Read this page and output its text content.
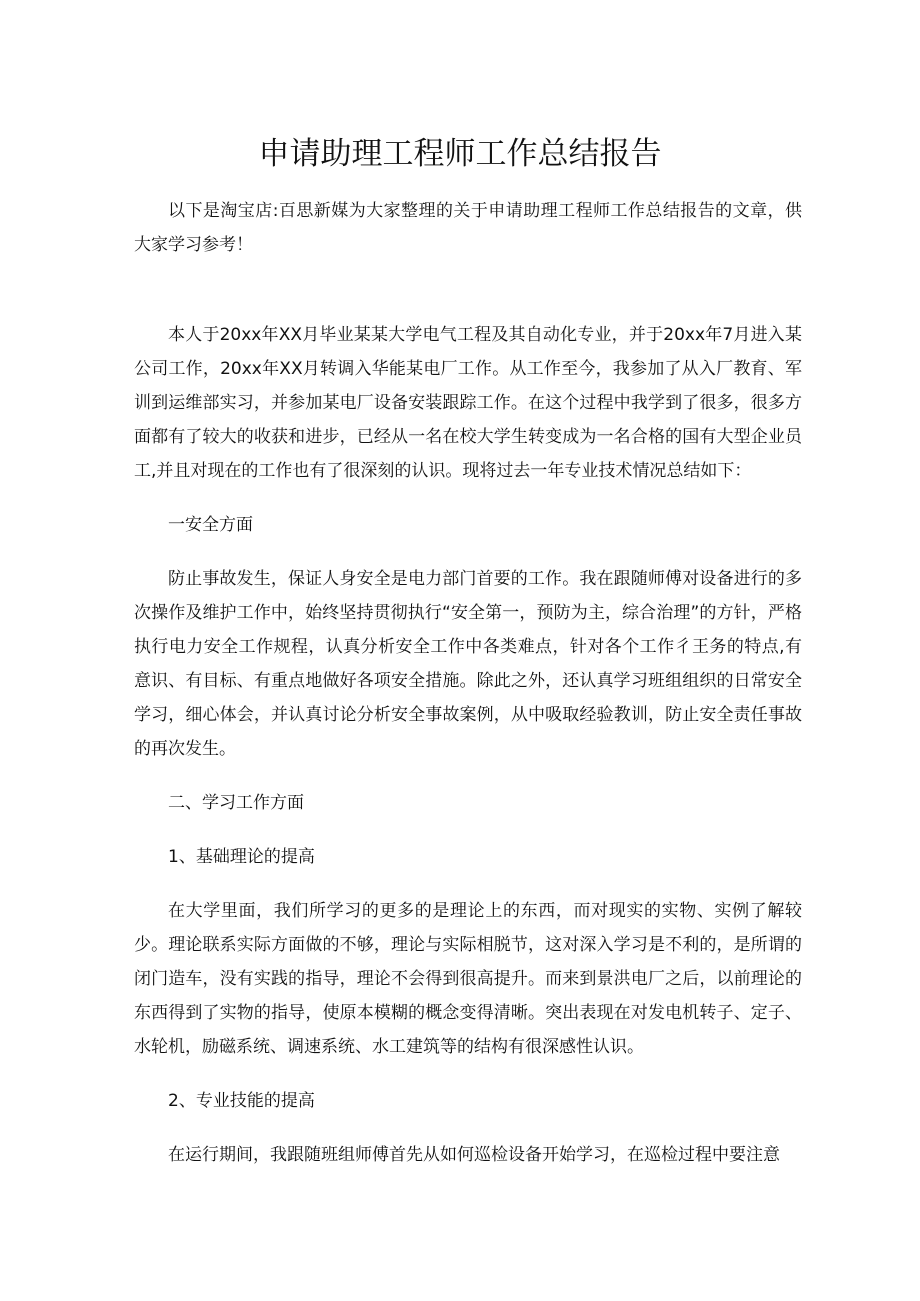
申请助理工程师工作总结报告

以下是淘宝店:百思新媒为大家整理的关于申请助理工程师工作总结报告的文章，供大家学习参考！

本人于20xx年XX月毕业某某大学电气工程及其自动化专业，并于20xx年7月进入某公司工作，20xx年XX月转调入华能某电厂工作。从工作至今，我参加了从入厂教育、军训到运维部实习，并参加某电厂设备安装跟踪工作。在这个过程中我学到了很多，很多方面都有了较大的收获和进步，已经从一名在校大学生转变成为一名合格的国有大型企业员工,并且对现在的工作也有了很深刻的认识。现将过去一年专业技术情况总结如下：

一安全方面

防止事故发生，保证人身安全是电力部门首要的工作。我在跟随师傅对设备进行的多次操作及维护工作中，始终坚持贯彻执行“安全第一，预防为主，综合治理”的方针，严格执行电力安全工作规程，认真分析安全工作中各类难点，针对各个工作彳王务的特点,有意识、有目标、有重点地做好各项安全措施。除此之外，还认真学习班组组织的日常安全学习，细心体会，并认真讨论分析安全事故案例，从中吸取经验教训，防止安全责任事故的再次发生。

二、学习工作方面

1、基础理论的提高

在大学里面，我们所学习的更多的是理论上的东西，而对现实的实物、实例了解较少。理论联系实际方面做的不够，理论与实际相脱节，这对深入学习是不利的，是所谓的闭门造车，没有实践的指导，理论不会得到很高提升。而来到景洪电厂之后，以前理论的东西得到了实物的指导，使原本模糊的概念变得清晰。突出表现在对发电机转子、定子、水轮机，励磁系统、调速系统、水工建筑等的结构有很深感性认识。

2、专业技能的提高

在运行期间，我跟随班组师傅首先从如何巡检设备开始学习，在巡检过程中要注意
